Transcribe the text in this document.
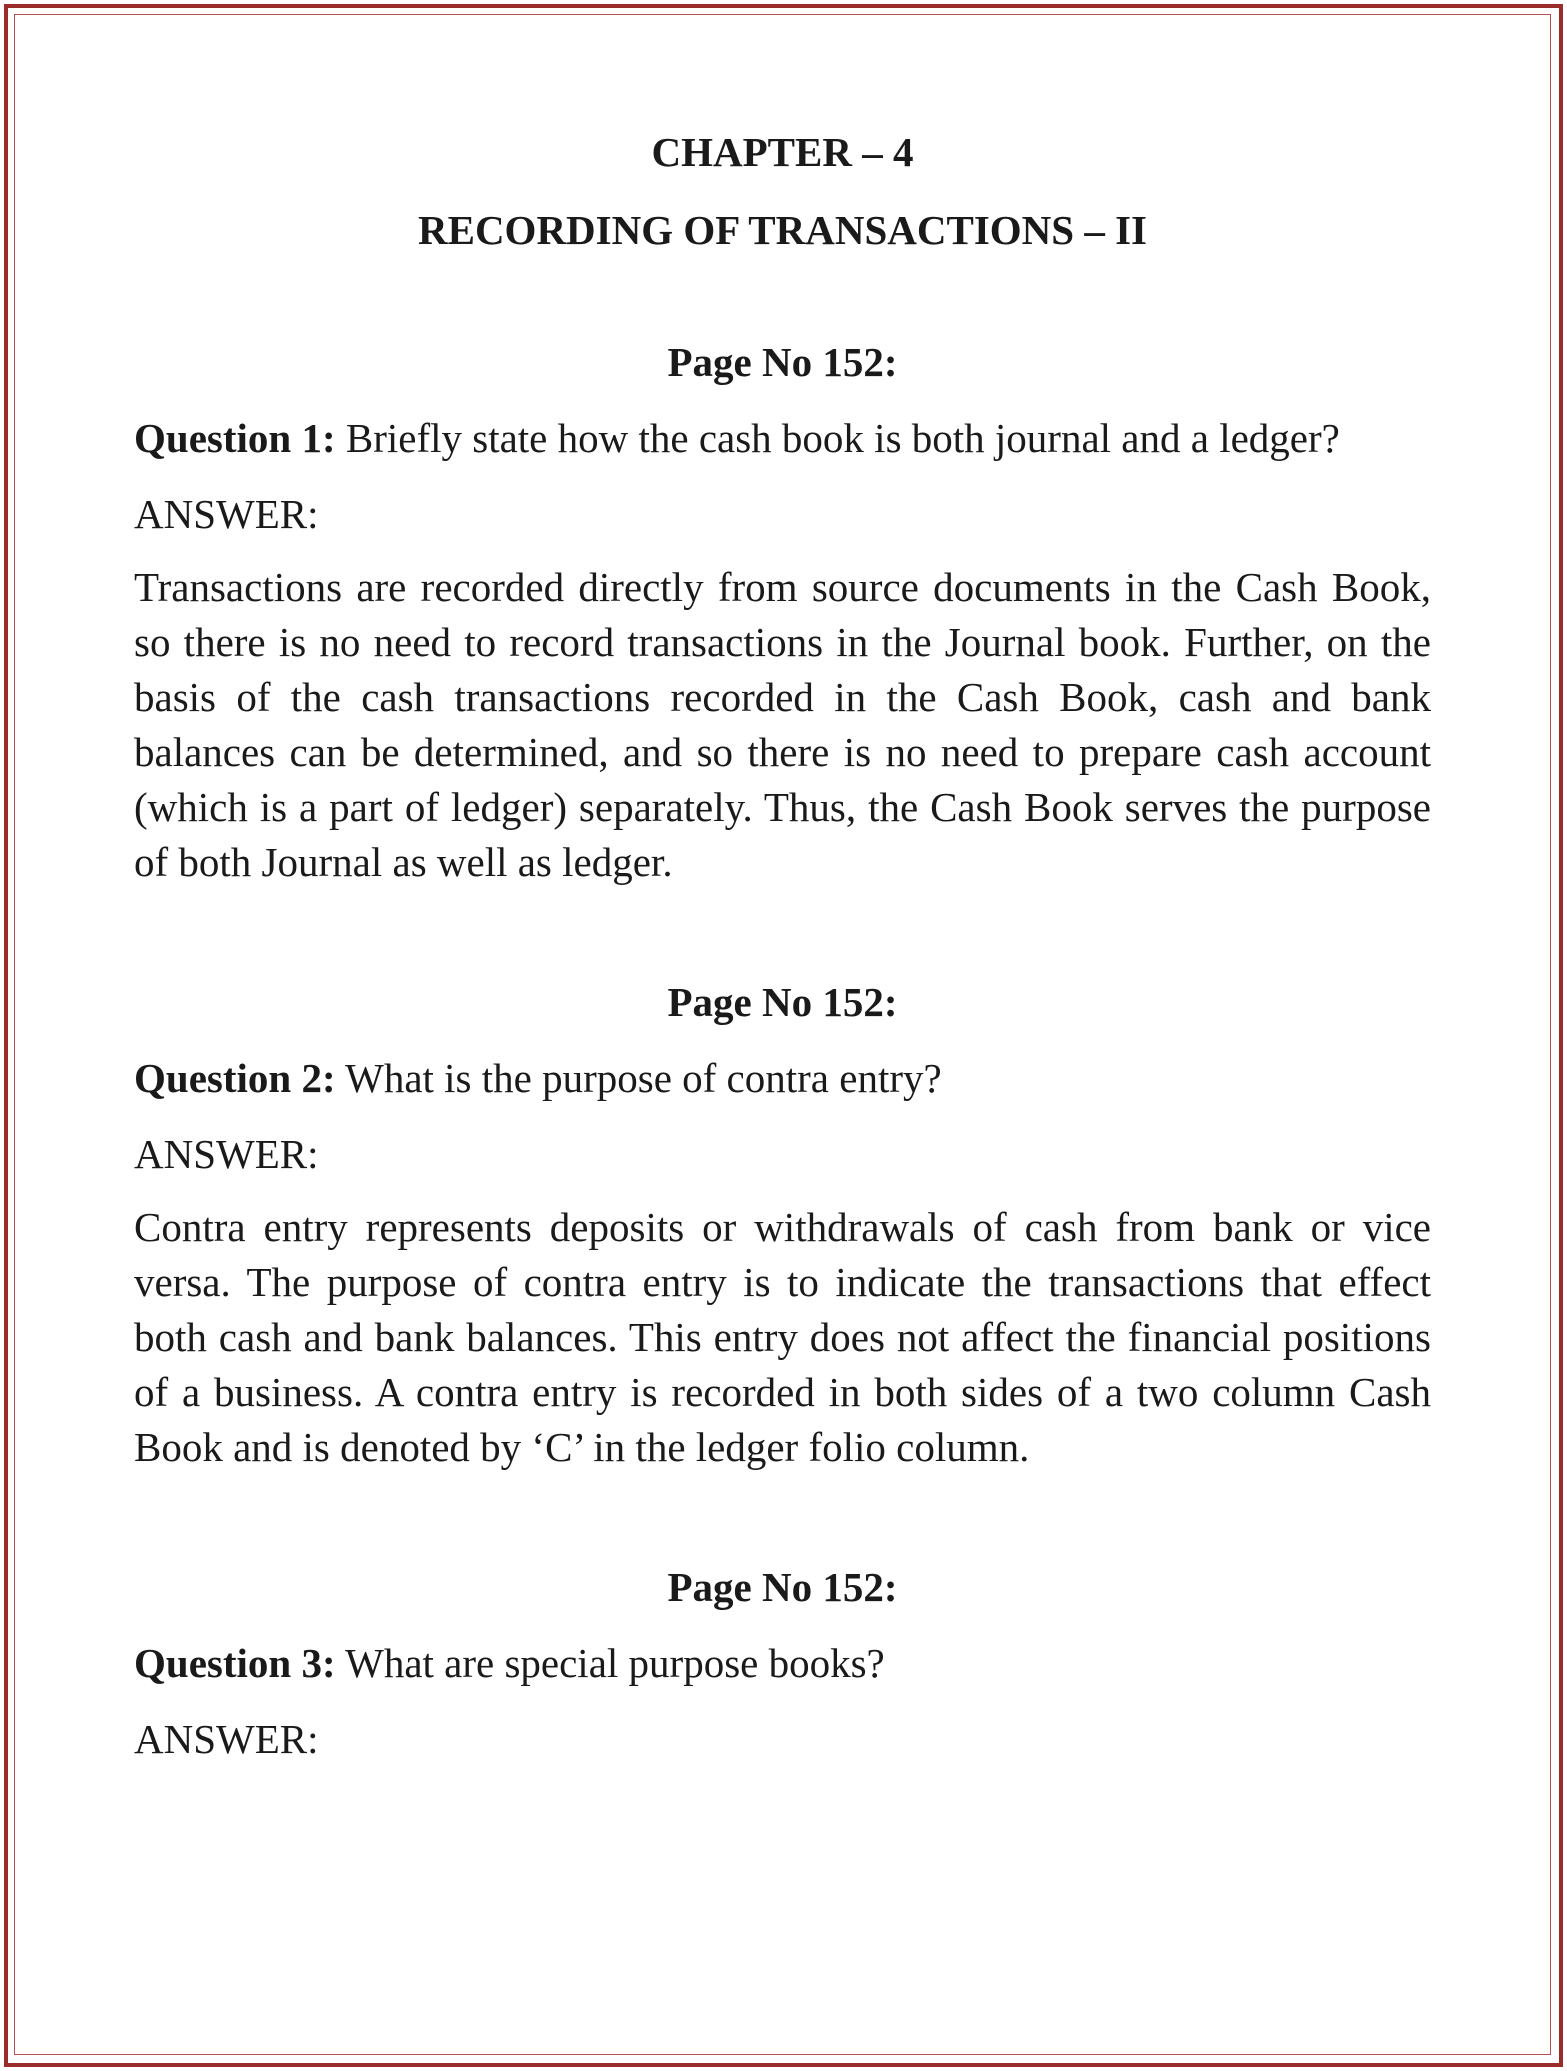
CHAPTER – 4

RECORDING OF TRANSACTIONS – II

Page No 152:

Question 1: Briefly state how the cash book is both journal and a ledger?

ANSWER:

Transactions are recorded directly from source documents in the Cash Book, so there is no need to record transactions in the Journal book. Further, on the basis of the cash transactions recorded in the Cash Book, cash and bank balances can be determined, and so there is no need to prepare cash account (which is a part of ledger) separately. Thus, the Cash Book serves the purpose of both Journal as well as ledger.

Page No 152:

Question 2: What is the purpose of contra entry?

ANSWER:

Contra entry represents deposits or withdrawals of cash from bank or vice versa. The purpose of contra entry is to indicate the transactions that effect both cash and bank balances. This entry does not affect the financial positions of a business. A contra entry is recorded in both sides of a two column Cash Book and is denoted by ‘C’ in the ledger folio column.

Page No 152:

Question 3: What are special purpose books?

ANSWER:
